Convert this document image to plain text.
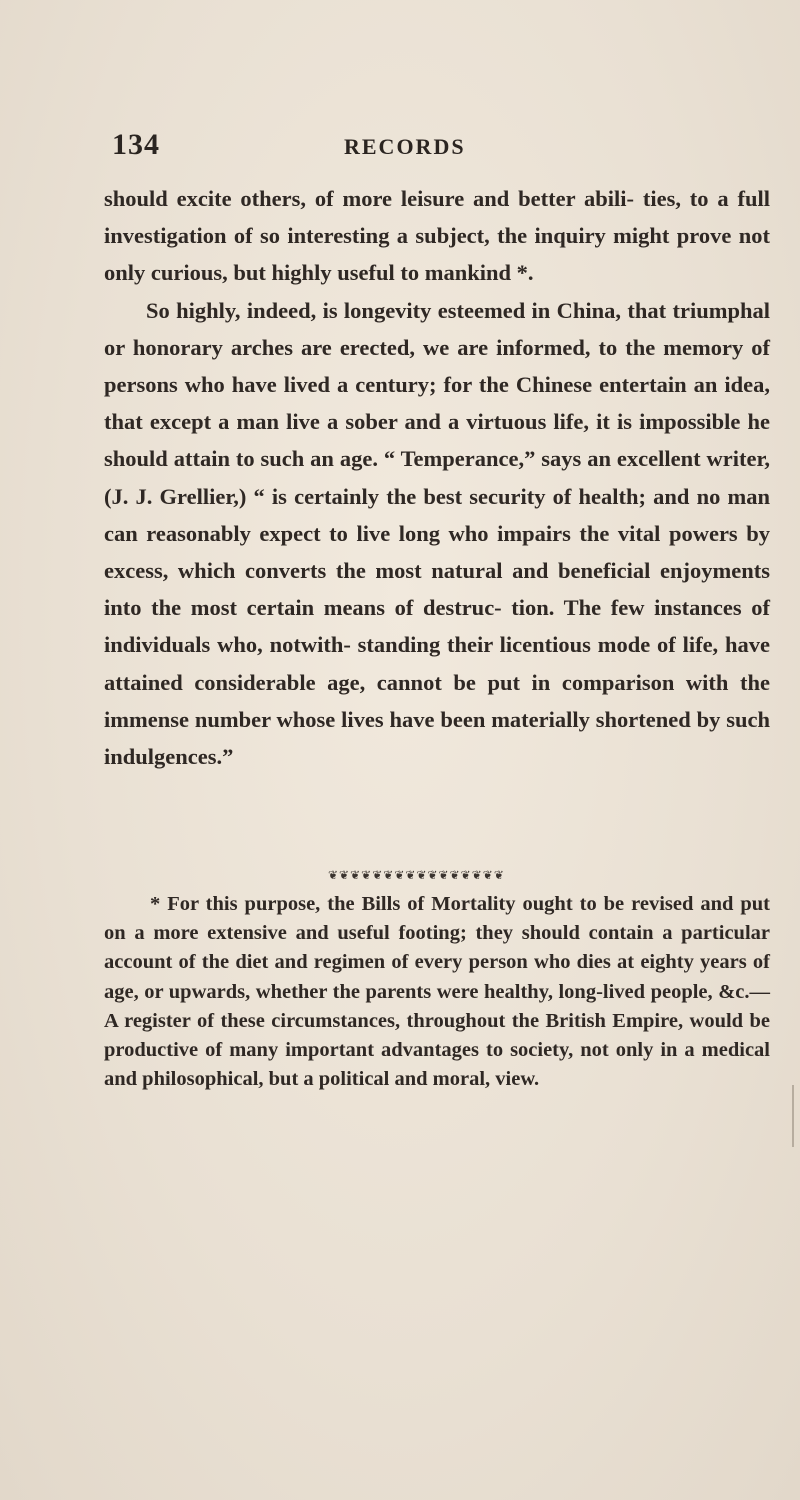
134	RECORDS

should excite others, of more leisure and better abili- ties, to a full investigation of so interesting a subject, the inquiry might prove not only curious, but highly useful to mankind *.

So highly, indeed, is longevity esteemed in China, that triumphal or honorary arches are erected, we are informed, to the memory of persons who have lived a century; for the Chinese entertain an idea, that except a man live a sober and a virtuous life, it is impossible he should attain to such an age. “ Temperance,” says an excellent writer, (J. J. Grellier,) “ is certainly the best security of health; and no man can reasonably expect to live long who impairs the vital powers by excess, which converts the most natural and beneficial enjoyments into the most certain means of destruc- tion. The few instances of individuals who, notwith- standing their licentious mode of life, have attained considerable age, cannot be put in comparison with the immense number whose lives have been materially shortened by such indulgences.”

❦❦❦❦❦❦❦❦❦❦❦❦❦❦❦❦

* For this purpose, the Bills of Mortality ought to be revised and put on a more extensive and useful footing; they should contain a particular account of the diet and regimen of every person who dies at eighty years of age, or upwards, whether the parents were healthy, long-lived people, &c.—A register of these circumstances, throughout the British Empire, would be productive of many important advantages to society, not only in a medical and philosophical, but a political and moral, view.
